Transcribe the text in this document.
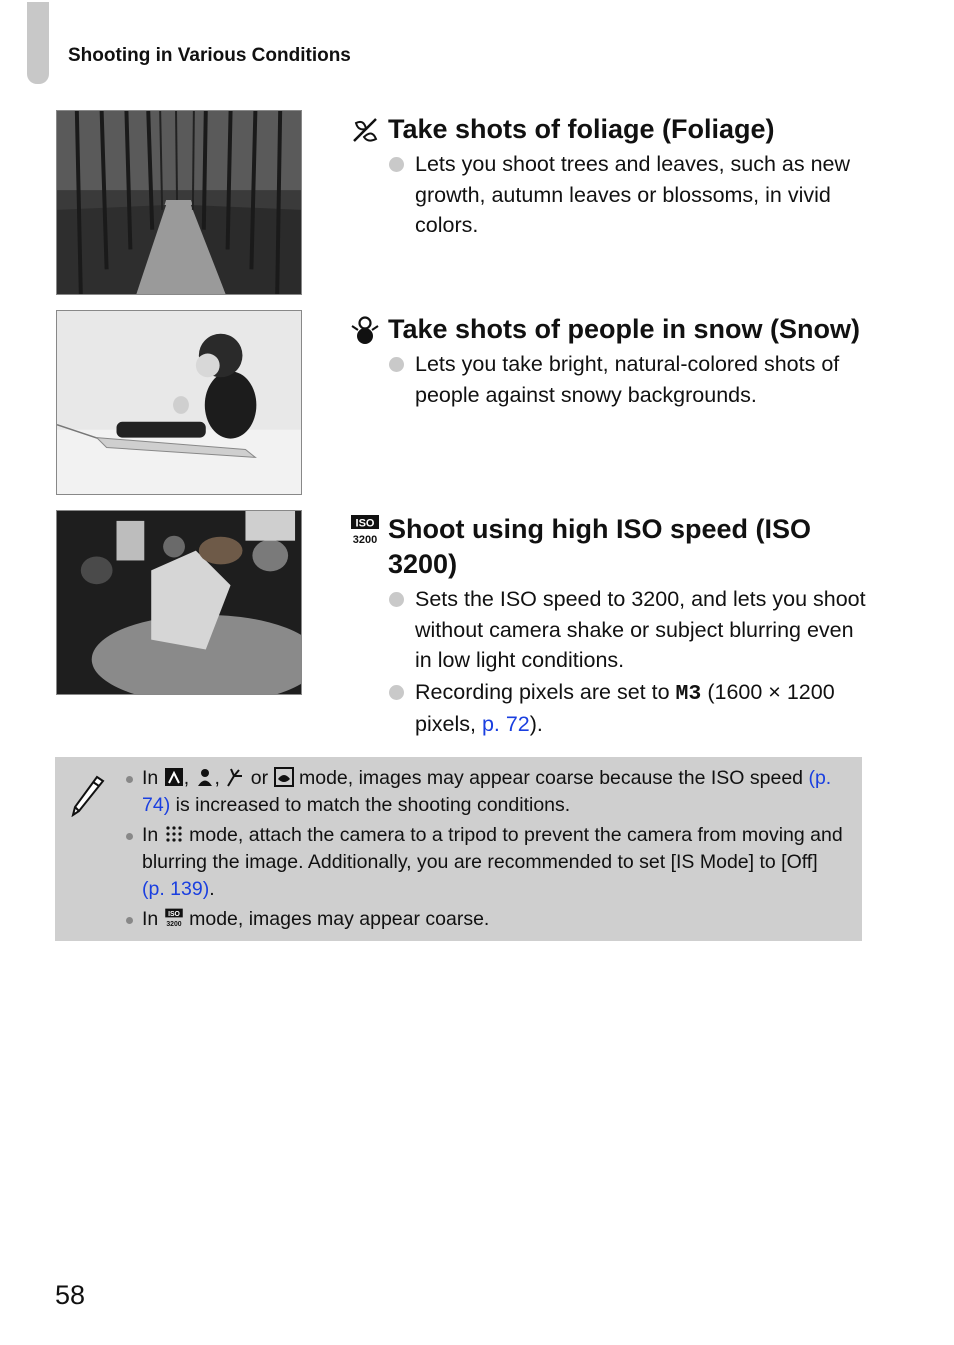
Shooting in Various Conditions
Take shots of foliage (Foliage)
Lets you shoot trees and leaves, such as new growth, autumn leaves or blossoms, in vivid colors.
Take shots of people in snow (Snow)
Lets you take bright, natural-colored shots of people against snowy backgrounds.
ISO
3200 Shoot using high ISO speed (ISO 3200)
Sets the ISO speed to 3200, and lets you shoot without camera shake or subject blurring even in low light conditions.
Recording pixels are set to M3 (1600 × 1200 pixels, p. 72).
In , , or mode, images may appear coarse because the ISO speed (p. 74) is increased to match the shooting conditions.
In mode, attach the camera to a tripod to prevent the camera from moving and blurring the image. Additionally, you are recommended to set [IS Mode] to [Off] (p. 139).
In ISO
3200 mode, images may appear coarse.
58
